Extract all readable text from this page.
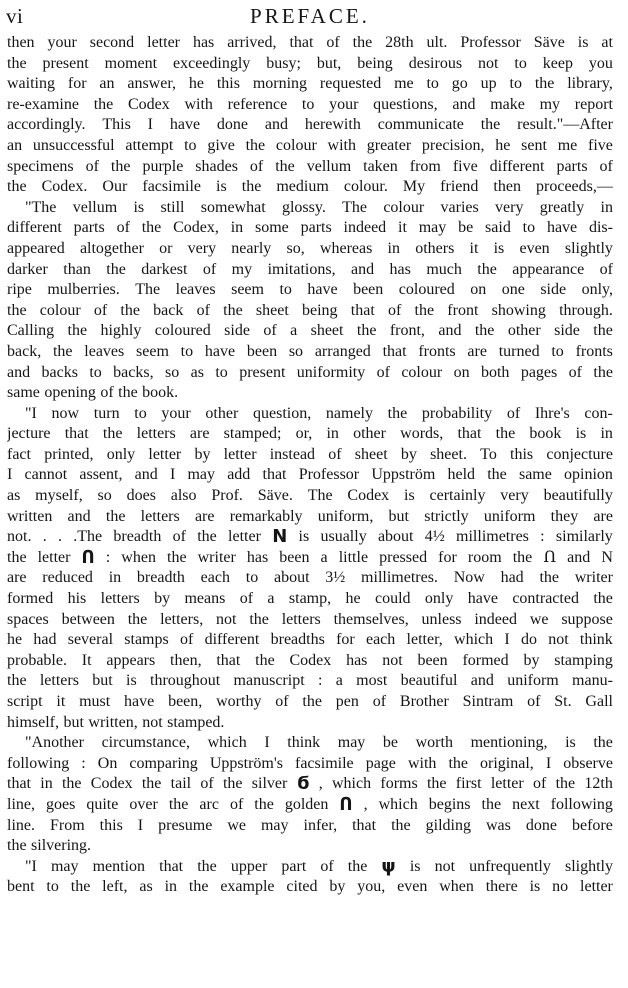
vi	PREFACE.
then your second letter has arrived, that of the 28th ult. Professor Säve is at
the present moment exceedingly busy; but, being desirous not to keep you
waiting for an answer, he this morning requested me to go up to the library,
re-examine the Codex with reference to your questions, and make my report
accordingly. This I have done and herewith communicate the result."—After
an unsuccessful attempt to give the colour with greater precision, he sent me five
specimens of the purple shades of the vellum taken from five different parts of
the Codex. Our facsimile is the medium colour. My friend then proceeds,—
"The vellum is still somewhat glossy. The colour varies very greatly in
different parts of the Codex, in some parts indeed it may be said to have dis-
appeared altogether or very nearly so, whereas in others it is even slightly
darker than the darkest of my imitations, and has much the appearance of
ripe mulberries. The leaves seem to have been coloured on one side only,
the colour of the back of the sheet being that of the front showing through.
Calling the highly coloured side of a sheet the front, and the other side the
back, the leaves seem to have been so arranged that fronts are turned to fronts
and backs to backs, so as to present uniformity of colour on both pages of the
same opening of the book.
"I now turn to your other question, namely the probability of Ihre's con-
jecture that the letters are stamped; or, in other words, that the book is in
fact printed, only letter by letter instead of sheet by sheet. To this conjecture
I cannot assent, and I may add that Professor Uppström held the same opinion
as myself, so does also Prof. Säve. The Codex is certainly very beautifully
written and the letters are remarkably uniform, but strictly uniform they are
not. . . .The breadth of the letter N is usually about 4½ millimetres : similarly
the letter Ո : when the writer has been a little pressed for room the Ո and N
are reduced in breadth each to about 3½ millimetres. Now had the writer
formed his letters by means of a stamp, he could only have contracted the
spaces between the letters, not the letters themselves, unless indeed we suppose
he had several stamps of different breadths for each letter, which I do not think
probable. It appears then, that the Codex has not been formed by stamping
the letters but is throughout manuscript : a most beautiful and uniform manu-
script it must have been, worthy of the pen of Brother Sintram of St. Gall
himself, but written, not stamped.
"Another circumstance, which I think may be worth mentioning, is the
following : On comparing Uppström's facsimile page with the original, I observe
that in the Codex the tail of the silver ϭ , which forms the first letter of the 12th
line, goes quite over the arc of the golden Ո , which begins the next following
line. From this I presume we may infer, that the gilding was done before
the silvering.
"I may mention that the upper part of the ψ is not unfrequently slightly
bent to the left, as in the example cited by you, even when there is no letter
